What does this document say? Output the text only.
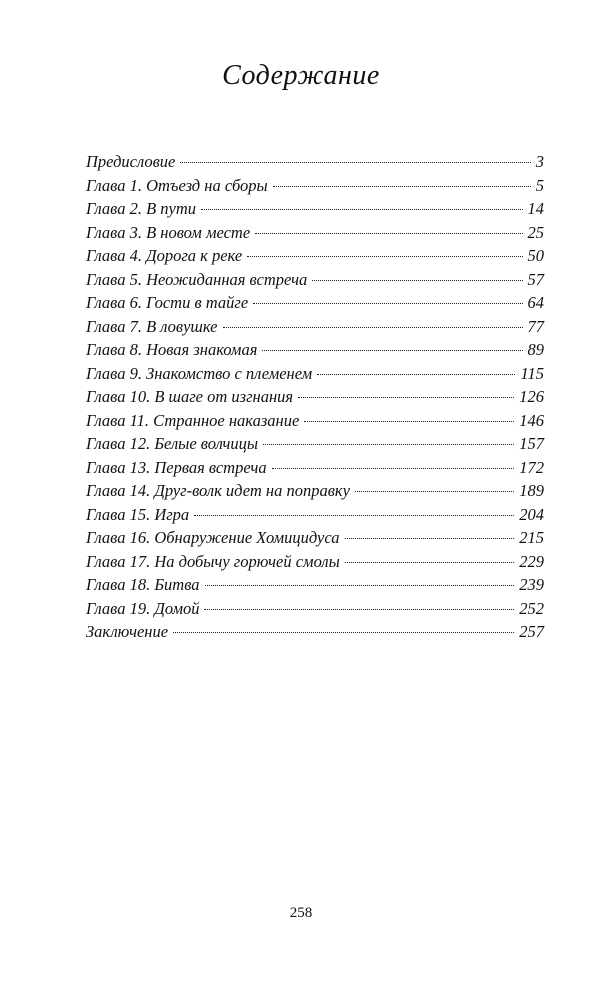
Содержание
Предисловие	3
Глава 1. Отъезд на сборы	5
Глава 2. В пути	14
Глава 3. В новом месте	25
Глава 4. Дорога к реке	50
Глава 5. Неожиданная встреча	57
Глава 6. Гости в тайге	64
Глава 7. В ловушке	77
Глава 8. Новая знакомая	89
Глава 9. Знакомство с племенем	115
Глава 10. В шаге от изгнания	126
Глава 11. Странное наказание	146
Глава 12. Белые волчицы	157
Глава 13. Первая встреча	172
Глава 14. Друг-волк идет на поправку	189
Глава 15. Игра	204
Глава 16. Обнаружение Хомицидуса	215
Глава 17. На добычу горючей смолы	229
Глава 18. Битва	239
Глава 19. Домой	252
Заключение	257
258
